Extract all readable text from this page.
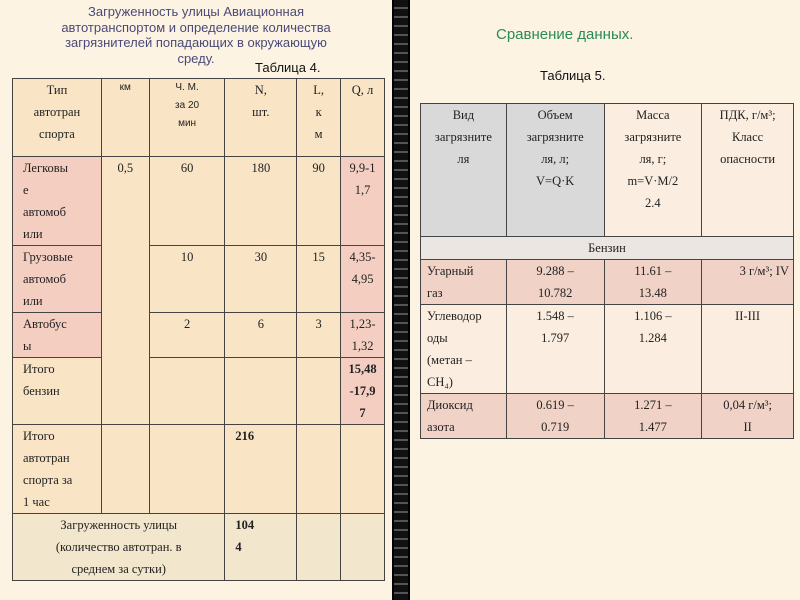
Загруженность улицы Авиационная
автотранспортом и определение количества
загрязнителей попадающих в окружающую
среду.
Таблица 4.
Тип
автотран
спорта	км	Ч. М.
за 20
мин	N,
шт.	L,
к
м	Q, л
Легковы
е
автомоб
или	0,5	60	180	90	9,9-1
1,7
Грузовые
автомоб
или		10	30	15	4,35-
4,95
Автобус
ы		2	6	3	1,23-
1,32
Итого
бензин					15,48
-17,9
7
Итого
автотран
спорта за
1 час			216		
Загруженность улицы
(количество автотран. в
среднем за сутки)			104
4		
Сравнение данных.
Таблица 5.
Вид
загрязните
ля	Объем
загрязните
ля, л;
V=Q·K	Масса
загрязните
ля, г;
m=V·M/2
2.4	ПДК, г/м³;
Класс
опасности
Бензин			
Угарный
газ	9.288 –
10.782	11.61 –
13.48	3 г/м³; IV
Углеводор
оды
(метан –
CH₄)	1.548 –
1.797	1.106 –
1.284	II-III
Диоксид
азота	0.619 –
0.719	1.271 –
1.477	0,04 г/м³;
II
